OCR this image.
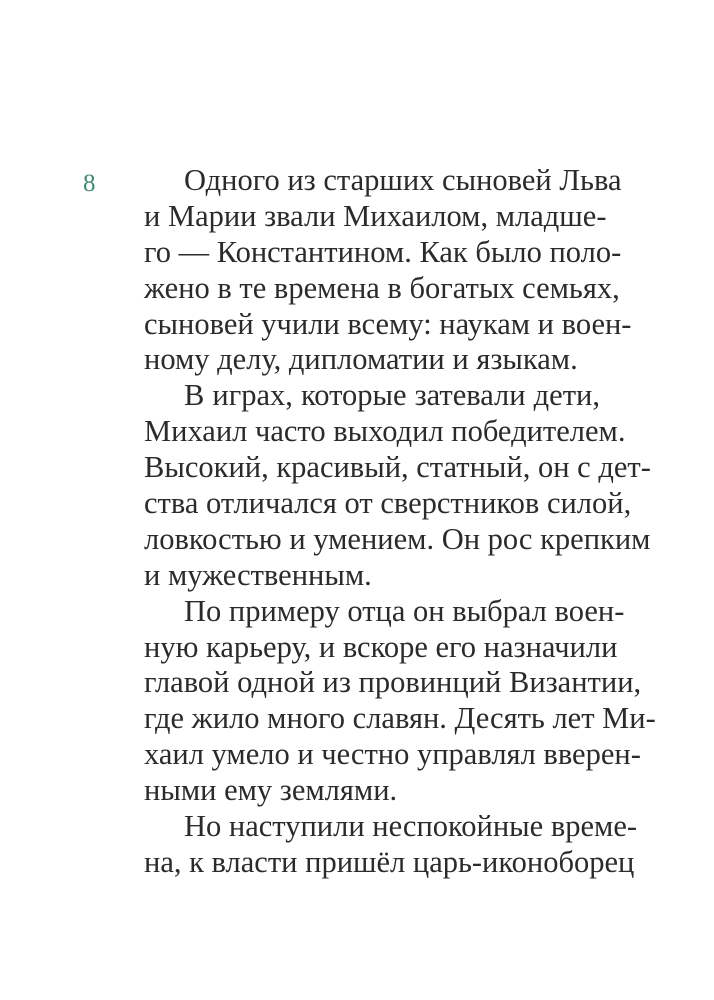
8	Одного из старших сыновей Льва
и Марии звали Михаилом, младше-
го — Константином. Как было поло-
жено в те времена в богатых семьях,
сыновей учили всему: наукам и воен-
ному делу, дипломатии и языкам.
В играх, которые затевали дети,
Михаил часто выходил победителем.
Высокий, красивый, статный, он с дет-
ства отличался от сверстников силой,
ловкостью и умением. Он рос крепким
и мужественным.
По примеру отца он выбрал воен-
ную карьеру, и вскоре его назначили
главой одной из провинций Византии,
где жило много славян. Десять лет Ми-
хаил умело и честно управлял вверен-
ными ему землями.
Но наступили неспокойные време-
на, к власти пришёл царь-иконоборец
